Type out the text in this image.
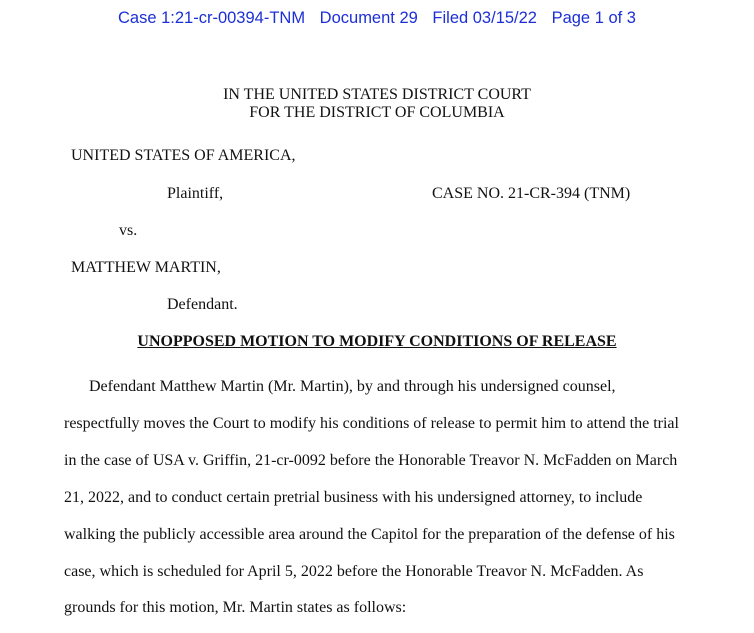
Case 1:21-cr-00394-TNM Document 29 Filed 03/15/22 Page 1 of 3
IN THE UNITED STATES DISTRICT COURT
FOR THE DISTRICT OF COLUMBIA
UNITED STATES OF AMERICA,
Plaintiff,	CASE NO. 21-CR-394 (TNM)
vs.
MATTHEW MARTIN,
Defendant.
UNOPPOSED MOTION TO MODIFY CONDITIONS OF RELEASE
Defendant Matthew Martin (Mr. Martin), by and through his undersigned counsel,
respectfully moves the Court to modify his conditions of release to permit him to attend the trial
in the case of USA v. Griffin, 21-cr-0092 before the Honorable Treavor N. McFadden on March
21, 2022, and to conduct certain pretrial business with his undersigned attorney, to include
walking the publicly accessible area around the Capitol for the preparation of the defense of his
case, which is scheduled for April 5, 2022 before the Honorable Treavor N. McFadden. As
grounds for this motion, Mr. Martin states as follows:
